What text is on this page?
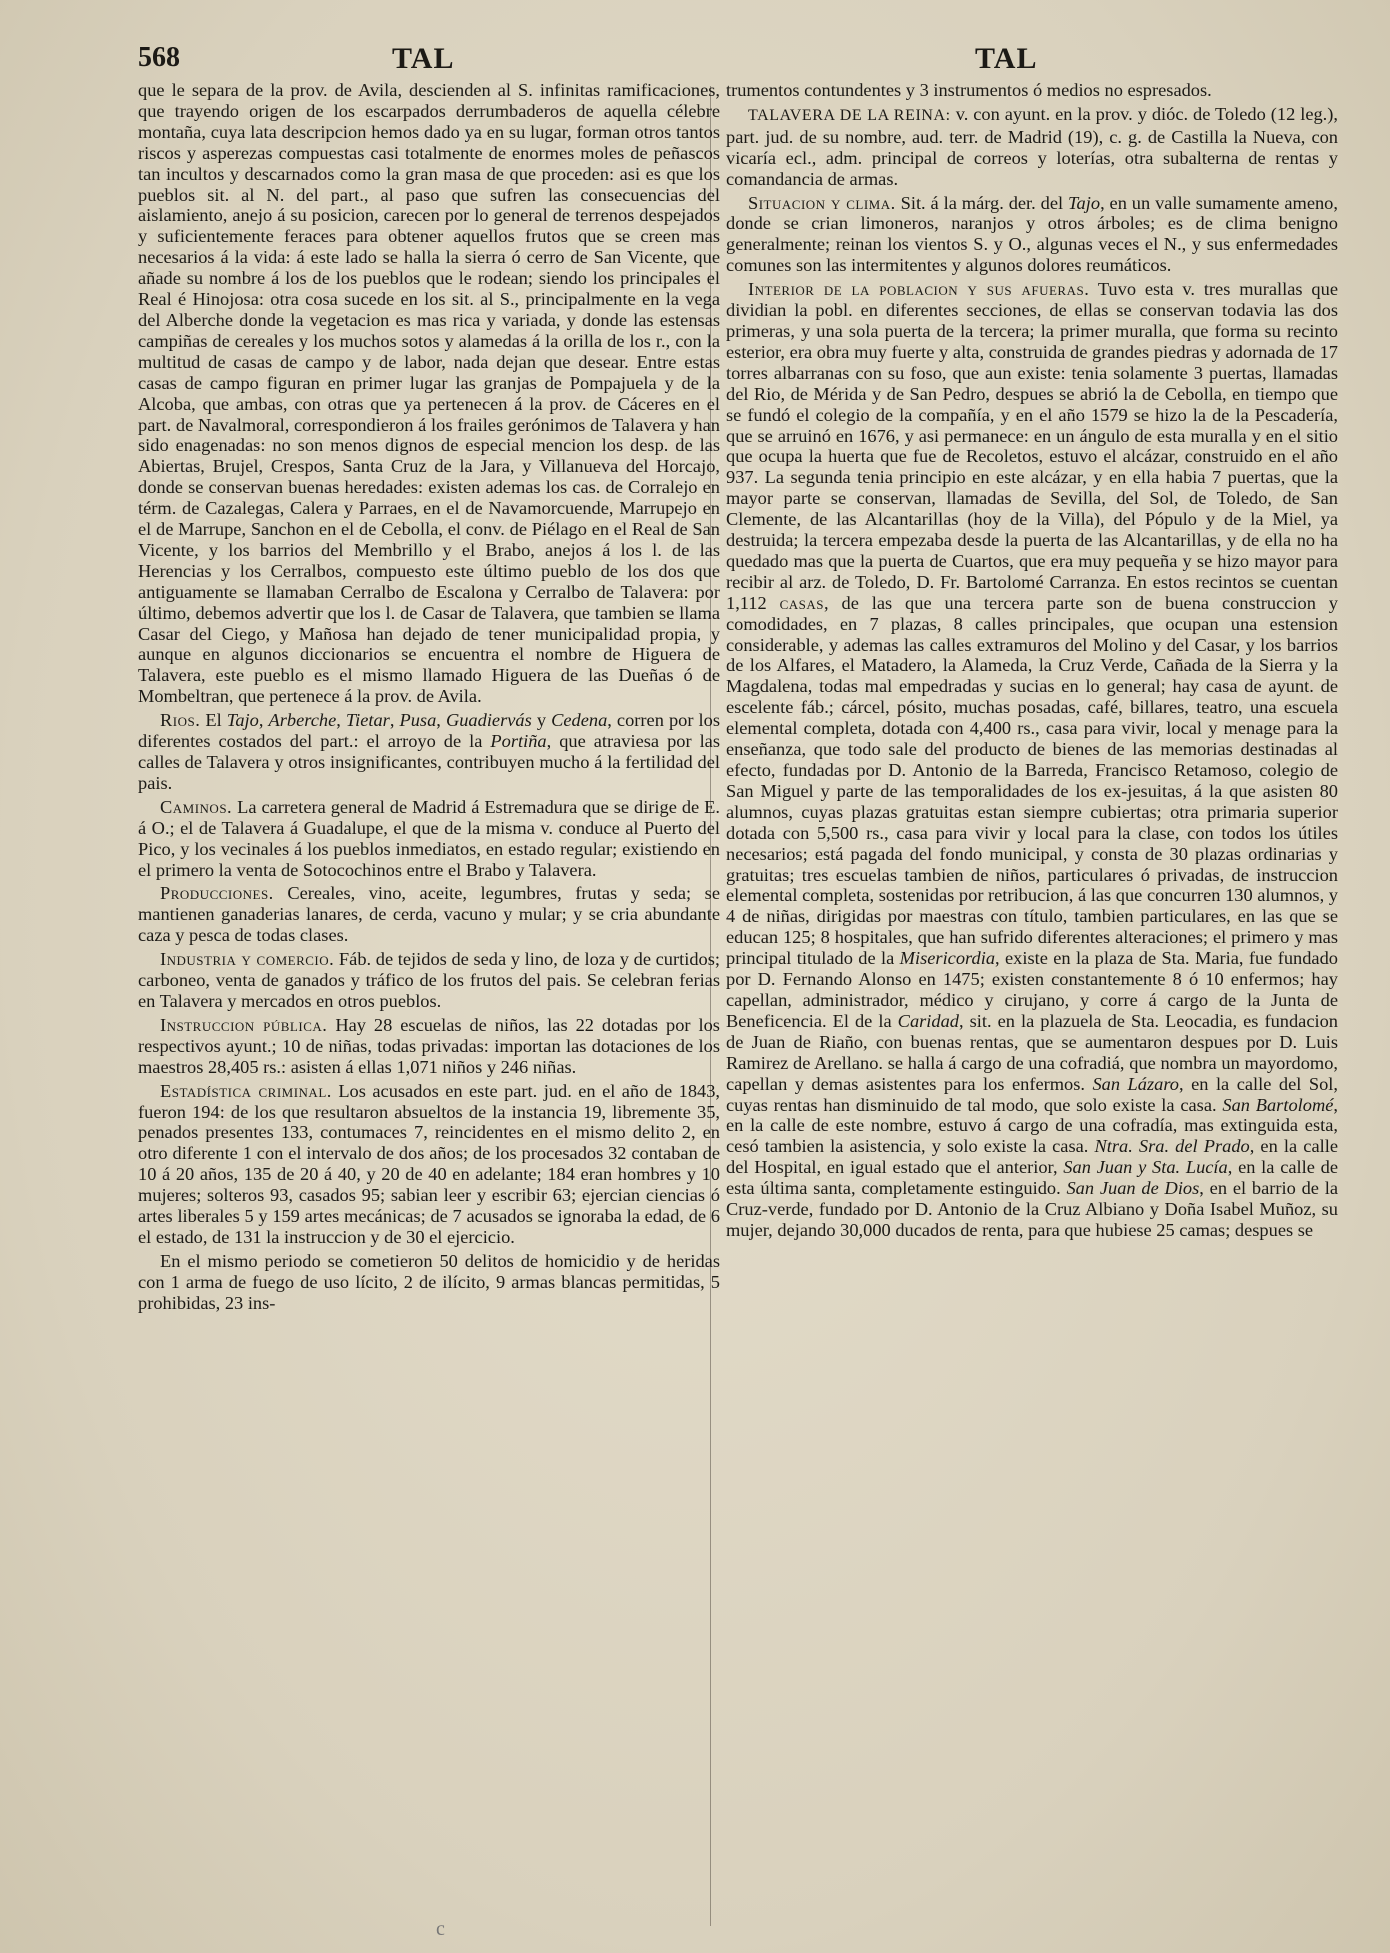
568	TAL	TAL

que le separa de la prov. de Avila, descienden al S. infinitas ramificaciones, que trayendo origen de los escarpados derrumbaderos de aquella célebre montaña, cuya lata descripcion hemos dado ya en su lugar, forman otros tantos riscos y asperezas compuestas casi totalmente de enormes moles de peñascos tan incultos y descarnados como la gran masa de que proceden: asi es que los pueblos sit. al N. del part., al paso que sufren las consecuencias del aislamiento, anejo á su posicion, carecen por lo general de terrenos despejados y suficientemente feraces para obtener aquellos frutos que se creen mas necesarios á la vida: á este lado se halla la sierra ó cerro de San Vicente, que añade su nombre á los de los pueblos que le rodean; siendo los principales el Real é Hinojosa: otra cosa sucede en los sit. al S., principalmente en la vega del Alberche donde la vegetacion es mas rica y variada, y donde las estensas campiñas de cereales y los muchos sotos y alamedas á la orilla de los r., con la multitud de casas de campo y de labor, nada dejan que desear. Entre estas casas de campo figuran en primer lugar las granjas de Pompajuela y de la Alcoba, que ambas, con otras que ya pertenecen á la prov. de Cáceres en el part. de Navalmoral, correspondieron á los frailes gerónimos de Talavera y han sido enagenadas: no son menos dignos de especial mencion los desp. de las Abiertas, Brujel, Crespos, Santa Cruz de la Jara, y Villanueva del Horcajo, donde se conservan buenas heredades: existen ademas los cas. de Corralejo en térm. de Cazalegas, Calera y Parraes, en el de Navamorcuende, Marrupejo en el de Marrupe, Sanchon en el de Cebolla, el conv. de Piélago en el Real de San Vicente, y los barrios del Membrillo y el Brabo, anejos á los l. de las Herencias y los Cerralbos, compuesto este último pueblo de los dos que antiguamente se llamaban Cerralbo de Escalona y Cerralbo de Talavera: por último, debemos advertir que los l. de Casar de Talavera, que tambien se llama Casar del Ciego, y Mañosa han dejado de tener municipalidad propia, y aunque en algunos diccionarios se encuentra el nombre de Higuera de Talavera, este pueblo es el mismo llamado Higuera de las Dueñas ó de Mombeltran, que pertenece á la prov. de Avila.

Rios. El Tajo, Arberche, Tietar, Pusa, Guadiervás y Cedena, corren por los diferentes costados del part.: el arroyo de la Portiña, que atraviesa por las calles de Talavera y otros insignificantes, contribuyen mucho á la fertilidad del pais.

Caminos. La carretera general de Madrid á Estremadura que se dirige de E. á O.; el de Talavera á Guadalupe, el que de la misma v. conduce al Puerto del Pico, y los vecinales á los pueblos inmediatos, en estado regular; existiendo en el primero la venta de Sotocochinos entre el Brabo y Talavera.

Producciones. Cereales, vino, aceite, legumbres, frutas y seda; se mantienen ganaderias lanares, de cerda, vacuno y mular; y se cria abundante caza y pesca de todas clases.

Industria y comercio. Fáb. de tejidos de seda y lino, de loza y de curtidos; carboneo, venta de ganados y tráfico de los frutos del pais. Se celebran ferias en Talavera y mercados en otros pueblos.

Instruccion pública. Hay 28 escuelas de niños, las 22 dotadas por los respectivos ayunt.; 10 de niñas, todas privadas: importan las dotaciones de los maestros 28,405 rs.: asisten á ellas 1,071 niños y 246 niñas.

Estadística criminal. Los acusados en este part. jud. en el año de 1843, fueron 194: de los que resultaron absueltos de la instancia 19, libremente 35, penados presentes 133, contumaces 7, reincidentes en el mismo delito 2, en otro diferente 1 con el intervalo de dos años; de los procesados 32 contaban de 10 á 20 años, 135 de 20 á 40, y 20 de 40 en adelante; 184 eran hombres y 10 mujeres; solteros 93, casados 95; sabian leer y escribir 63; ejercian ciencias ó artes liberales 5 y 159 artes mecánicas; de 7 acusados se ignoraba la edad, de 6 el estado, de 131 la instruccion y de 30 el ejercicio.

En el mismo periodo se cometieron 50 delitos de homicidio y de heridas con 1 arma de fuego de uso lícito, 2 de ilícito, 9 armas blancas permitidas, 5 prohibidas, 23 ins-

trumentos contundentes y 3 instrumentos ó medios no espresados.

TALAVERA DE LA REINA: v. con ayunt. en la prov. y dióc. de Toledo (12 leg.), part. jud. de su nombre, aud. terr. de Madrid (19), c. g. de Castilla la Nueva, con vicaría ecl., adm. principal de correos y loterías, otra subalterna de rentas y comandancia de armas.

Situacion y clima. Sit. á la márg. der. del Tajo, en un valle sumamente ameno, donde se crian limoneros, naranjos y otros árboles; es de clima benigno generalmente; reinan los vientos S. y O., algunas veces el N., y sus enfermedades comunes son las intermitentes y algunos dolores reumáticos.

Interior de la poblacion y sus afueras. Tuvo esta v. tres murallas que dividian la pobl. en diferentes secciones, de ellas se conservan todavia las dos primeras, y una sola puerta de la tercera; la primer muralla, que forma su recinto esterior, era obra muy fuerte y alta, construida de grandes piedras y adornada de 17 torres albarranas con su foso, que aun existe: tenia solamente 3 puertas, llamadas del Rio, de Mérida y de San Pedro, despues se abrió la de Cebolla, en tiempo que se fundó el colegio de la compañía, y en el año 1579 se hizo la de la Pescadería, que se arruinó en 1676, y asi permanece: en un ángulo de esta muralla y en el sitio que ocupa la huerta que fue de Recoletos, estuvo el alcázar, construido en el año 937. La segunda tenia principio en este alcázar, y en ella habia 7 puertas, que la mayor parte se conservan, llamadas de Sevilla, del Sol, de Toledo, de San Clemente, de las Alcantarillas (hoy de la Villa), del Pópulo y de la Miel, ya destruida; la tercera empezaba desde la puerta de las Alcantarillas, y de ella no ha quedado mas que la puerta de Cuartos, que era muy pequeña y se hizo mayor para recibir al arz. de Toledo, D. Fr. Bartolomé Carranza. En estos recintos se cuentan 1,112 casas, de las que una tercera parte son de buena construccion y comodidades, en 7 plazas, 8 calles principales, que ocupan una estension considerable, y ademas las calles extramuros del Molino y del Casar, y los barrios de los Alfares, el Matadero, la Alameda, la Cruz Verde, Cañada de la Sierra y la Magdalena, todas mal empedradas y sucias en lo general; hay casa de ayunt. de escelente fáb.; cárcel, pósito, muchas posadas, café, billares, teatro, una escuela elemental completa, dotada con 4,400 rs., casa para vivir, local y menage para la enseñanza, que todo sale del producto de bienes de las memorias destinadas al efecto, fundadas por D. Antonio de la Barreda, Francisco Retamoso, colegio de San Miguel y parte de las temporalidades de los ex-jesuitas, á la que asisten 80 alumnos, cuyas plazas gratuitas estan siempre cubiertas; otra primaria superior dotada con 5,500 rs., casa para vivir y local para la clase, con todos los útiles necesarios; está pagada del fondo municipal, y consta de 30 plazas ordinarias y gratuitas; tres escuelas tambien de niños, particulares ó privadas, de instruccion elemental completa, sostenidas por retribucion, á las que concurren 130 alumnos, y 4 de niñas, dirigidas por maestras con título, tambien particulares, en las que se educan 125; 8 hospitales, que han sufrido diferentes alteraciones; el primero y mas principal titulado de la Misericordia, existe en la plaza de Sta. Maria, fue fundado por D. Fernando Alonso en 1475; existen constantemente 8 ó 10 enfermos; hay capellan, administrador, médico y cirujano, y corre á cargo de la Junta de Beneficencia. El de la Caridad, sit. en la plazuela de Sta. Leocadia, es fundacion de Juan de Riaño, con buenas rentas, que se aumentaron despues por D. Luis Ramirez de Arellano. se halla á cargo de una cofradiá, que nombra un mayordomo, capellan y demas asistentes para los enfermos. San Lázaro, en la calle del Sol, cuyas rentas han disminuido de tal modo, que solo existe la casa. San Bartolomé, en la calle de este nombre, estuvo á cargo de una cofradía, mas extinguida esta, cesó tambien la asistencia, y solo existe la casa. Ntra. Sra. del Prado, en la calle del Hospital, en igual estado que el anterior, San Juan y Sta. Lucía, en la calle de esta última santa, completamente estinguido. San Juan de Dios, en el barrio de la Cruz-verde, fundado por D. Antonio de la Cruz Albiano y Doña Isabel Muñoz, su mujer, dejando 30,000 ducados de renta, para que hubiese 25 camas; despues se

c
